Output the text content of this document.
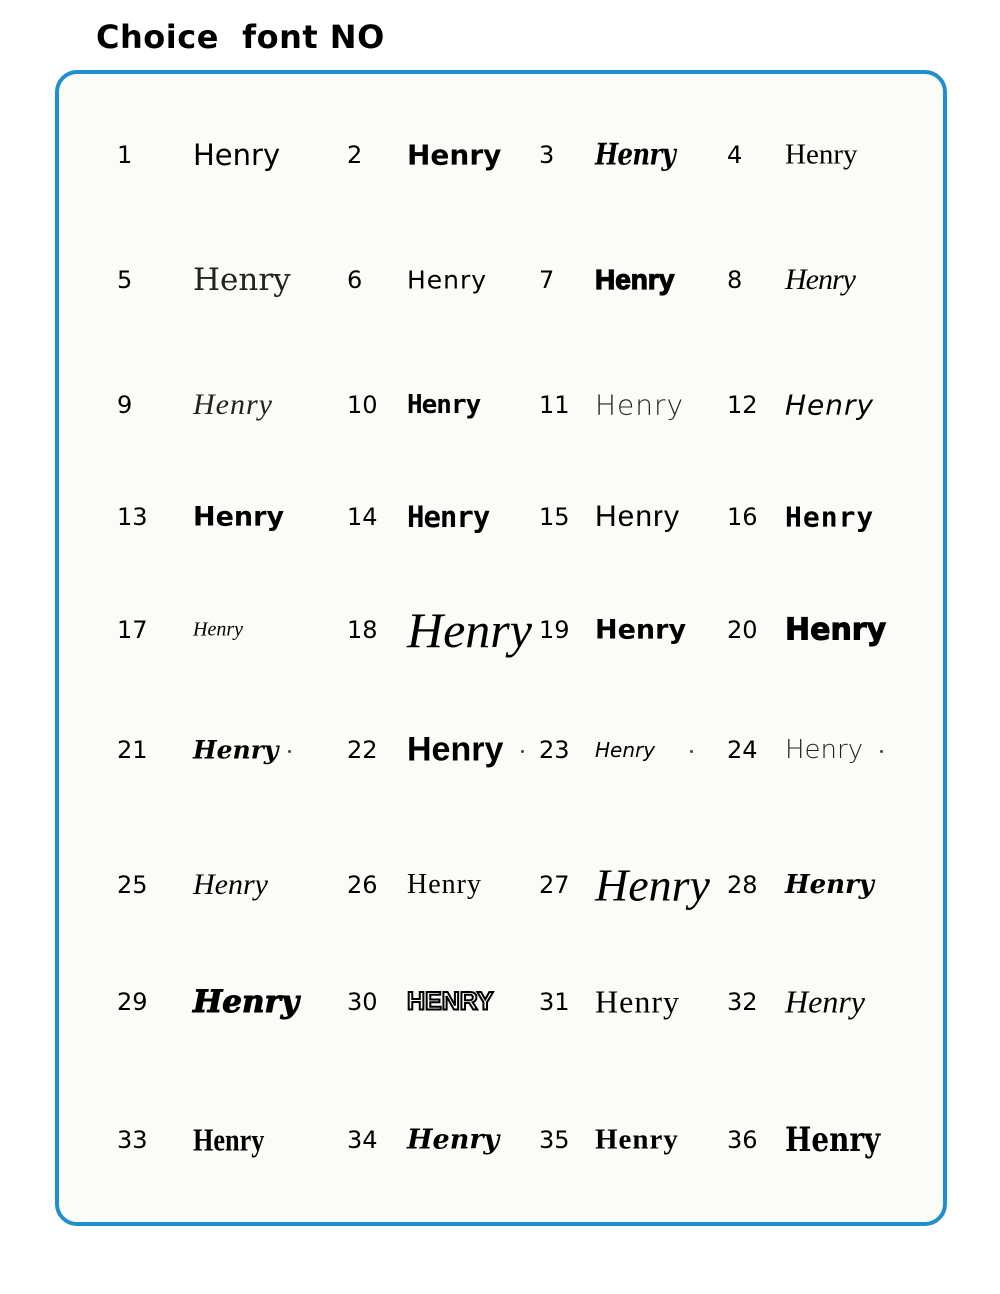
Choice  font NO
1 Henry	2 Henry 3 Henry 4 Henry
5 Henry 6 Henry 7 Henry 8 Henry
9 Henry	10 Henry 11 Henry 12 Henry
13 Henry	14 Henry 15 Henry 16 Henry
17 Henry	18 Henry 19 Henry 20 Henry
21 Henry	22 Henry 23 Henry	24 Henry
25 Henry	26 Henry 27 Henry 28 Henry
29 Henry 30 HENRY 31 Henry 32 Henry
33 Henry	34 Henry 35 Henry 36 Henry
